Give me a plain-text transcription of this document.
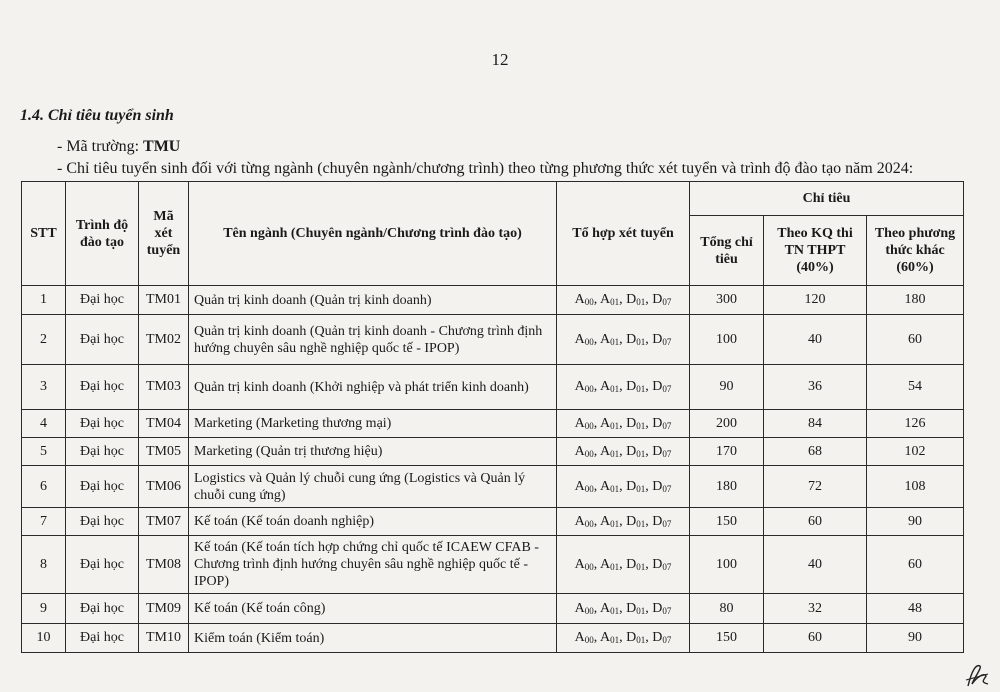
12
1.4. Chỉ tiêu tuyển sinh
- Mã trường: TMU
- Chỉ tiêu tuyển sinh đối với từng ngành (chuyên ngành/chương trình) theo từng phương thức xét tuyển và trình độ đào tạo năm 2024:
STT	Trình độ đào tạo	Mã xét tuyển	Tên ngành (Chuyên ngành/Chương trình đào tạo)	Tổ hợp xét tuyển	Chỉ tiêu		
					Tổng chỉ tiêu	Theo KQ thi TN THPT (40%)	Theo phương thức khác (60%)
1	Đại học	TM01	Quản trị kinh doanh (Quản trị kinh doanh)	$A_{00}$, $A_{01}$, $D_{01}$, $D_{07}$	300	120	180
2	Đại học	TM02	Quản trị kinh doanh (Quản trị kinh doanh - Chương trình định hướng chuyên sâu nghề nghiệp quốc tế - IPOP)	$A_{00}$, $A_{01}$, $D_{01}$, $D_{07}$	100	40	60
3	Đại học	TM03	Quản trị kinh doanh (Khởi nghiệp và phát triển kinh doanh)	$A_{00}$, $A_{01}$, $D_{01}$, $D_{07}$	90	36	54
4	Đại học	TM04	Marketing (Marketing thương mại)	$A_{00}$, $A_{01}$, $D_{01}$, $D_{07}$	200	84	126
5	Đại học	TM05	Marketing (Quản trị thương hiệu)	$A_{00}$, $A_{01}$, $D_{01}$, $D_{07}$	170	68	102
6	Đại học	TM06	Logistics và Quản lý chuỗi cung ứng (Logistics và Quản lý chuỗi cung ứng)	$A_{00}$, $A_{01}$, $D_{01}$, $D_{07}$	180	72	108
7	Đại học	TM07	Kế toán (Kế toán doanh nghiệp)	$A_{00}$, $A_{01}$, $D_{01}$, $D_{07}$	150	60	90
8	Đại học	TM08	Kế toán (Kế toán tích hợp chứng chỉ quốc tế ICAEW CFAB - Chương trình định hướng chuyên sâu nghề nghiệp quốc tế - IPOP)	$A_{00}$, $A_{01}$, $D_{01}$, $D_{07}$	100	40	60
9	Đại học	TM09	Kế toán (Kế toán công)	$A_{00}$, $A_{01}$, $D_{01}$, $D_{07}$	80	32	48
10	Đại học	TM10	Kiểm toán (Kiểm toán)	$A_{00}$, $A_{01}$, $D_{01}$, $D_{07}$	150	60	90
